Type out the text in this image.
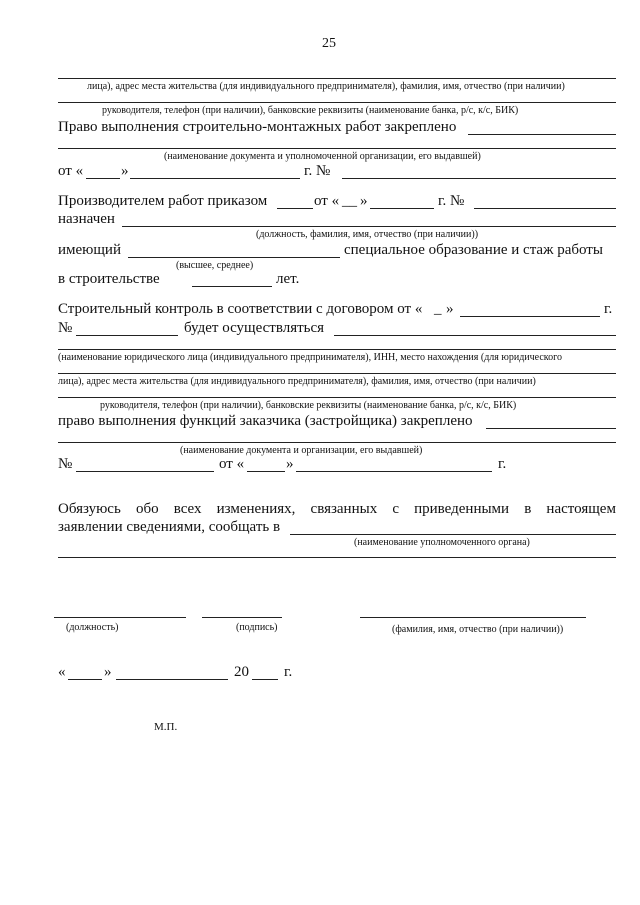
25
лица), адрес места жительства (для индивидуального предпринимателя), фамилия, имя, отчество (при наличии)
руководителя, телефон (при наличии), банковские реквизиты (наименование банка, р/с, к/с, БИК)
Право выполнения строительно-монтажных работ закреплено
(наименование документа и уполномоченной организации, его выдавшей)
от «	»	г. №
Производителем работ приказом	от « __ »	г. №
назначен
(должность, фамилия, имя, отчество (при наличии))
имеющий	специальное образование и стаж работы
(высшее, среднее)
в строительстве	лет.
Строительный контроль в соответствии с договором от « _ »	г.
№	будет осуществляться
(наименование юридического лица (индивидуального предпринимателя), ИНН, место нахождения (для юридического
лица), адрес места жительства (для индивидуального предпринимателя), фамилия, имя, отчество (при наличии)
руководителя, телефон (при наличии), банковские реквизиты (наименование банка, р/с, к/с, БИК)
право выполнения функций заказчика (застройщика) закреплено
(наименование документа и организации, его выдавшей)
№	от «	»	г.
Обязуюсь обо всех изменениях, связанных с приведенными в настоящем
заявлении сведениями, сообщать в
(наименование уполномоченного органа)
(должность)	(подпись)	(фамилия, имя, отчество (при наличии))
«	»	20 г.
М.П.
